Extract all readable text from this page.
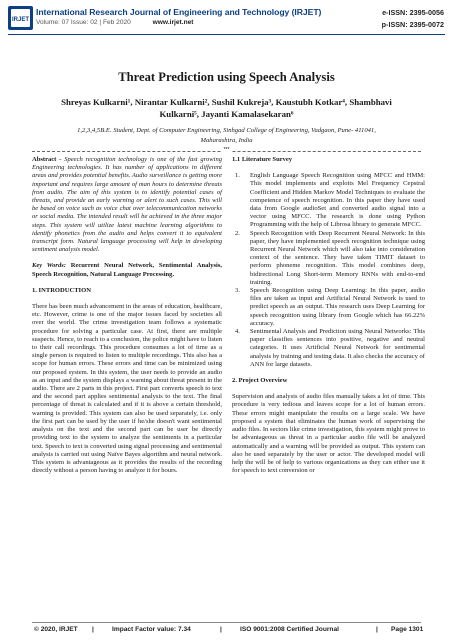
IRJET
International Research Journal of Engineering and Technology (IRJET)
Volume: 07 Issue: 02 | Feb 2020	www.irjet.net
e-ISSN: 2395-0056
p-ISSN: 2395-0072
Threat Prediction using Speech Analysis
Shreyas Kulkarni¹, Nirantar Kulkarni², Sushil Kukreja³, Kaustubh Kotkar⁴, Shambhavi
Kulkarni⁵, Jayanti Kamalasekaran⁶
1,2,3,4,5B.E. Student, Dept. of Computer Engineering, Sinhgad College of Engineering, Vadgaon, Pune- 411041,
Maharashtra, India
***

Abstract - Speech recognition technology is one of the fast growing Engineering technologies. It has number of applications in different areas and provides potential benefits. Audio surveillance is getting more important and requires large amount of man hours to determine threats from audio. The aim of this system is to identify potential cases of threats, and provide an early warning or alert to such cases. This will be based on voice such as voice chat over telecommunication networks or social media. The intended result will be achieved in the three major steps. This system will utilize latest machine learning algorithms to identify phonetics from the audio and helps convert it to equivalent transcript form. Natural language processing will help in developing sentiment analysis model.

Key Words: Recurrent Neural Network, Sentimental Analysis, Speech Recognition, Natural Language Processing.

1. INTRODUCTION

There has been much advancement in the areas of education, healthcare, etc. However, crime is one of the major issues faced by societies all over the world. The crime investigation team follows a systematic procedure for solving a particular case. At first, there are multiple suspects. Hence, to reach to a conclusion, the police might have to listen to their call recordings. This procedure consumes a lot of time as a single person is required to listen to multiple recordings. This also has a scope for human errors. These errors and time can be minimized using our proposed system. In this system, the user needs to provide an audio as an input and the system displays a warning about threat present in the audio. There are 2 parts in this project. First part converts speech to text and the second part applies sentimental analysis to the text. The final percentage of threat is calculated and if it is above a certain threshold, warning is provided. This system can also be used separately, i.e. only the first part can be used by the user if he/she doesn't want sentimental analysis on the text and the second part can be user be directly providing text to the system to analyze the sentiments in a particular text. Speech to text is converted using signal processing and sentimental analysis is carried out using Naïve Bayes algorithm and neural network. This system is advantageous as it provides the results of the recording directly without a person having to analyze it for hours.

1.1 Literature Survey
1. English Language Speech Recognition using MFCC and HMM: This model implements and exploits Mel Frequency Cepstral Coefficient and Hidden Markov Model Techniques to evaluate the competence of speech recognition. In this paper they have used data from Google audioSet and converted audio signal into a vector using MFCC. The research is done using Python Programming with the help of Librosa library to generate MFCC.
2. Speech Recognition with Deep Recurrent Neural Network: In this paper, they have implemented speech recognition technique using Recurrent Neural Network which will also take into consideration context of the sentence. They have taken TIMIT dataset to perform phoneme recognition. This model combines deep, bidirectional Long Short-term Memory RNNs with end-to-end training.
3. Speech Recognition using Deep Learning: In this paper, audio files are taken as input and Artificial Neural Network is used to predict speech as an output. This research uses Deep Learning for speech recognition using library from Google which has 66.22% accuracy.
4. Sentimental Analysis and Prediction using Neural Networks: This paper classifies sentences into positive, negative and neutral categories. It uses Artificial Neural Network for sentimental analysis by training and testing data. It also checks the accuracy of ANN for large datasets.
2. Project Overview

Supervision and analysis of audio files manually takes a lot of time. This procedure is very tedious and leaves scope for a lot of human errors. These errors might manipulate the results on a large scale. We have proposed a system that eliminates the human work of supervising the audio files. In sectors like crime investigation, this system might prove to be advantageous as threat in a particular audio file will be analyzed automatically and a warning will be provided as output. This system can also be used separately by the user or actor. The developed model will help the will be of help to various organizations as they can either use it for speech to text conversion or

© 2020, IRJET |	Impact Factor value: 7.34	|	ISO 9001:2008 Certified Journal	| Page 1301
